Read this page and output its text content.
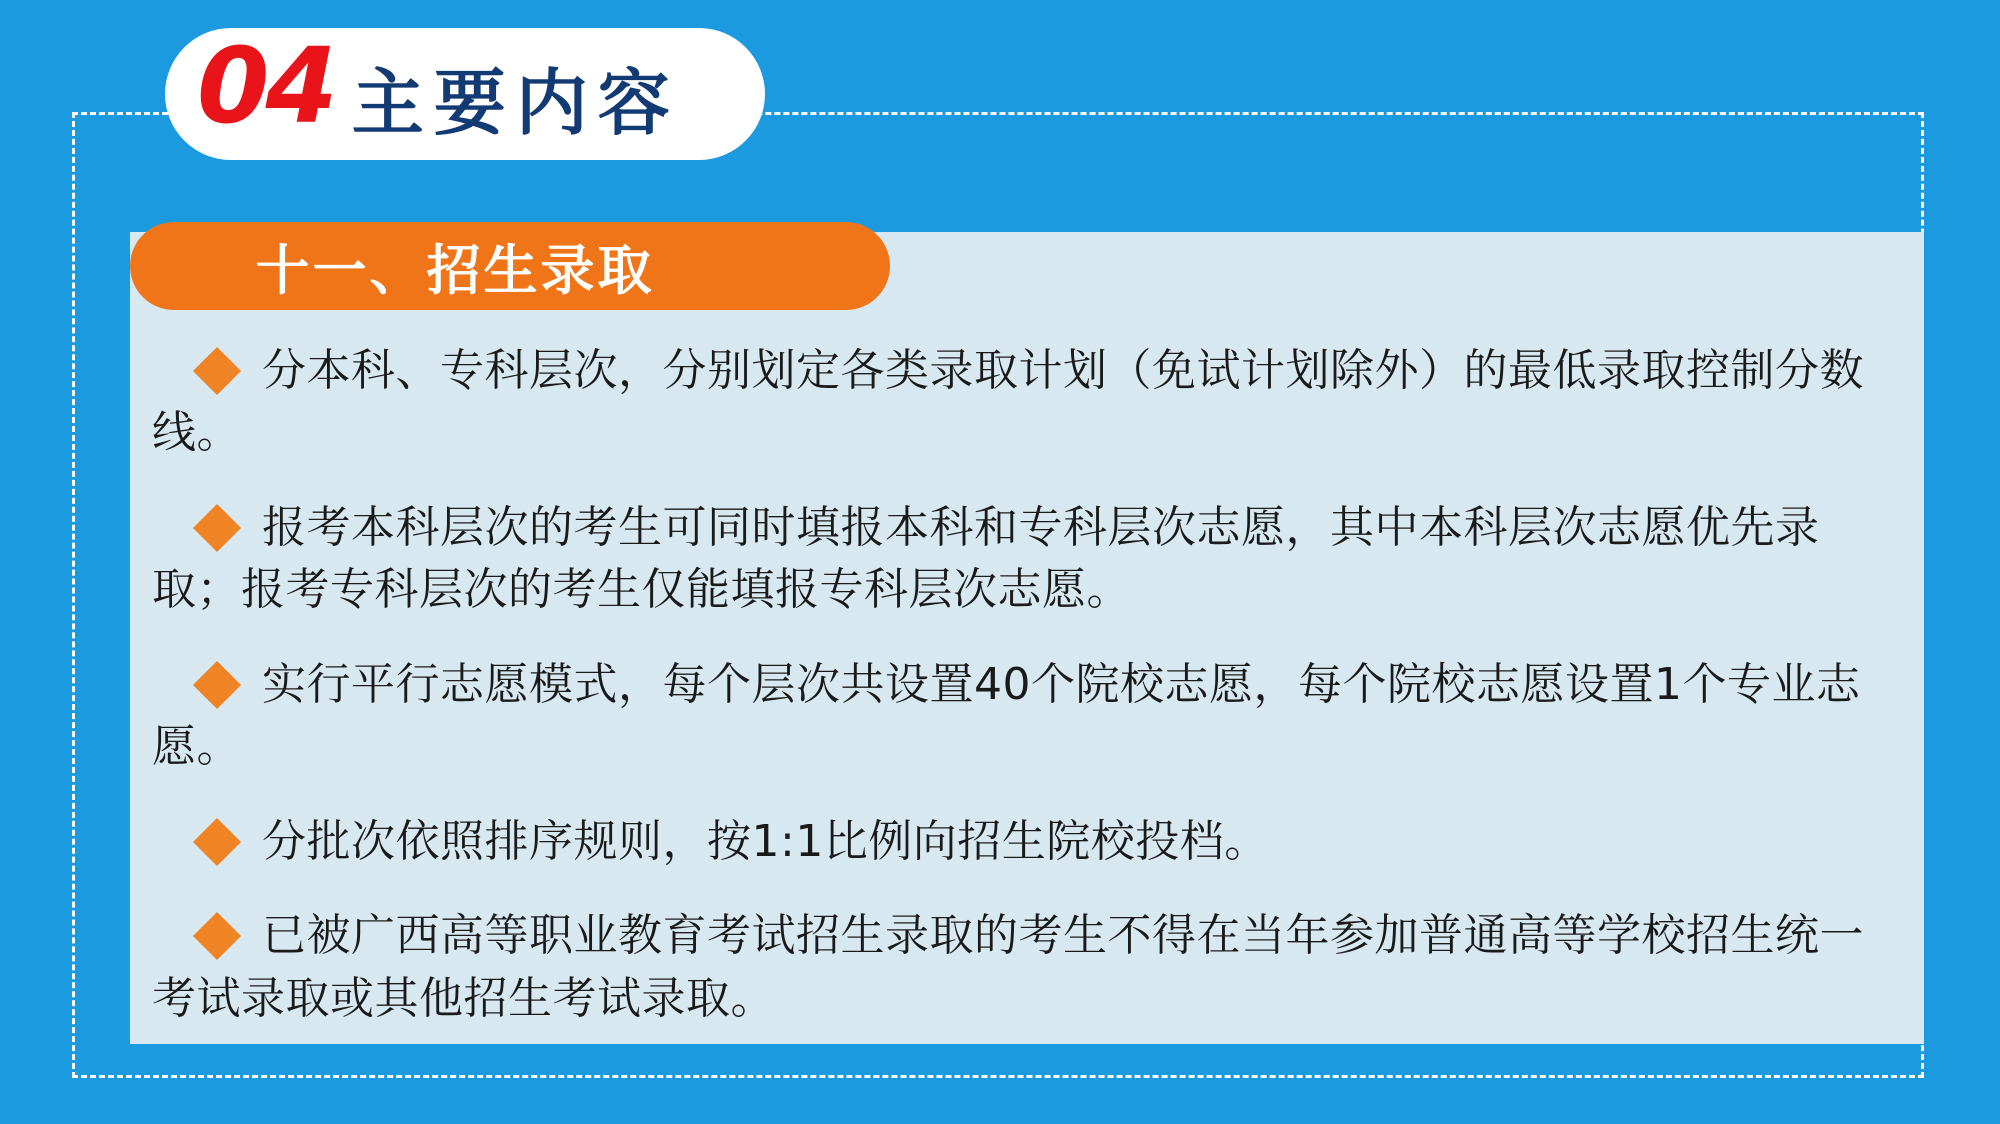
04 主要内容
十一、招生录取
分本科、专科层次，分别划定各类录取计划（免试计划除外）的最低录取控制分数线。
报考本科层次的考生可同时填报本科和专科层次志愿，其中本科层次志愿优先录取；报考专科层次的考生仅能填报专科层次志愿。
实行平行志愿模式，每个层次共设置40个院校志愿，每个院校志愿设置1个专业志愿。
分批次依照排序规则，按1:1比例向招生院校投档。
已被广西高等职业教育考试招生录取的考生不得在当年参加普通高等学校招生统一考试录取或其他招生考试录取。
